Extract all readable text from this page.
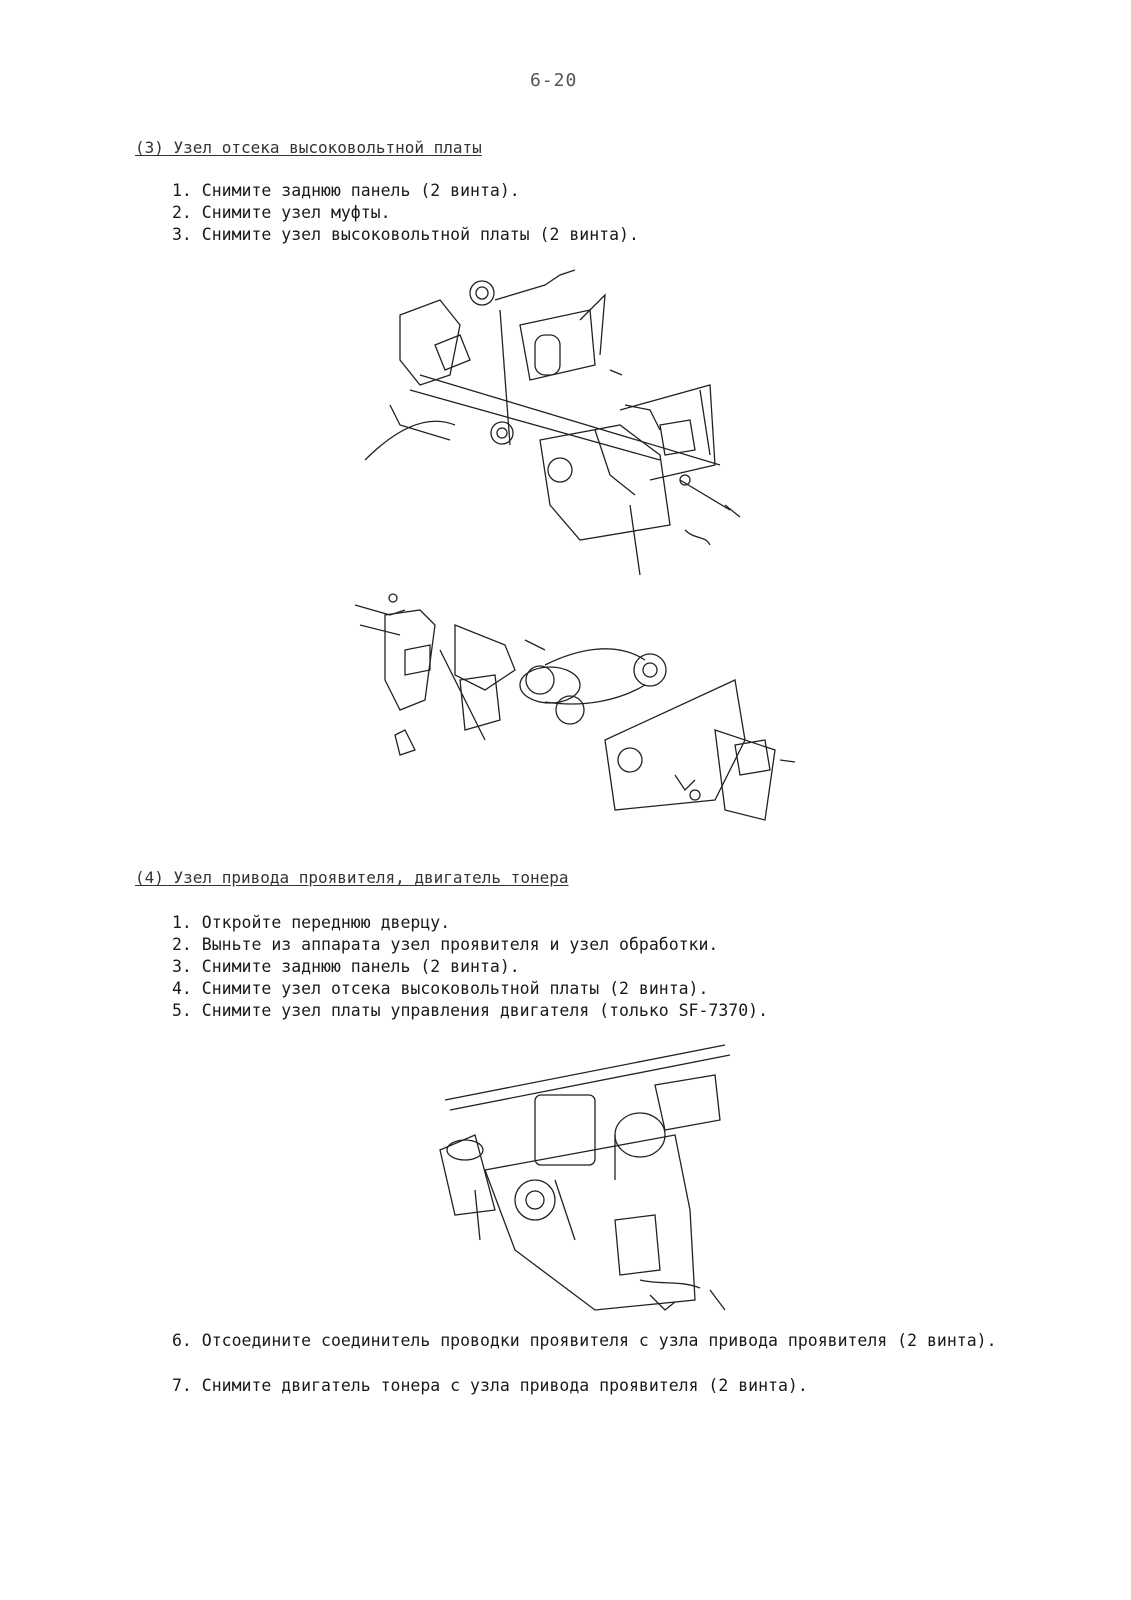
6-20
(3) Узел отсека высоковольтной платы
1. Снимите заднюю панель (2 винта).
2. Снимите узел муфты.
3. Снимите узел высоковольтной платы (2 винта).
(4) Узел привода проявителя, двигатель тонера
1. Откройте переднюю дверцу.
2. Выньте из аппарата узел проявителя и узел обработки.
3. Снимите заднюю панель (2 винта).
4. Снимите узел отсека высоковольтной платы (2 винта).
5. Снимите узел платы управления двигателя (только SF-7370).
6. Отсоедините соединитель проводки проявителя с узла привода проявителя (2 винта).
7. Снимите двигатель тонера с узла привода проявителя (2 винта).
